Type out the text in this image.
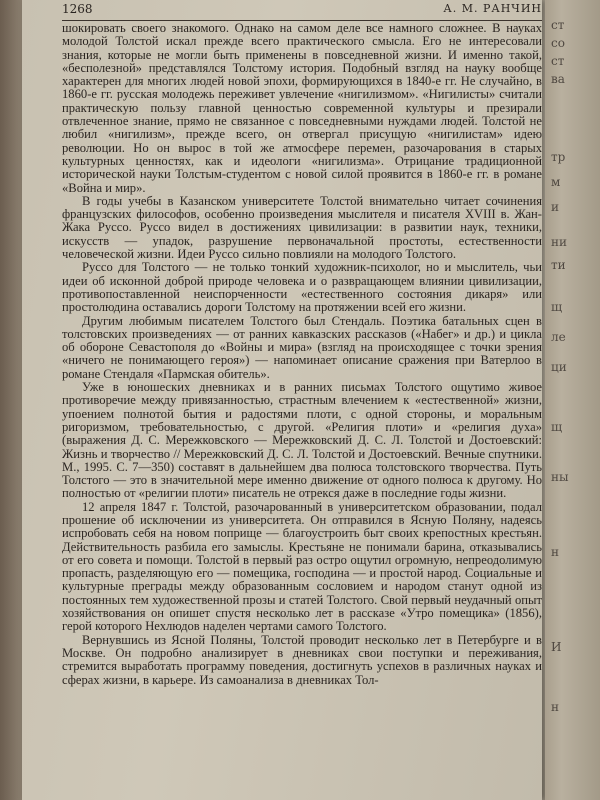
1268	А. М. РАНЧИН

шокировать своего знакомого. Однако на самом деле все намного сложнее. В науках молодой Толстой искал прежде всего практического смысла. Его не интересовали знания, которые не могли быть применены в повседневной жизни. И именно такой, «бесполезной» представлялся Толстому история. Подобный взгляд на науку вообще характерен для многих людей новой эпохи, формирующихся в 1840-е гг. Не случайно, в 1860-е гг. русская молодежь переживет увлечение «нигилизмом». «Нигилисты» считали практическую пользу главной ценностью современной культуры и презирали отвлеченное знание, прямо не связанное с повседневными нуждами людей. Толстой не любил «нигилизм», прежде всего, он отвергал присущую «нигилистам» идею революции. Но он вырос в той же атмосфере перемен, разочарования в старых культурных ценностях, как и идеологи «нигилизма». Отрицание традиционной исторической науки Толстым-студентом с новой силой проявится в 1860-е гг. в романе «Война и мир».

В годы учебы в Казанском университете Толстой внимательно читает сочинения французских философов, особенно произведения мыслителя и писателя XVIII в. Жан-Жака Руссо. Руссо видел в достижениях цивилизации: в развитии наук, техники, искусств — упадок, разрушение первоначальной простоты, естественности человеческой жизни. Идеи Руссо сильно повлияли на молодого Толстого.

Руссо для Толстого — не только тонкий художник-психолог, но и мыслитель, чьи идеи об исконной доброй природе человека и о развращающем влиянии цивилизации, противопоставленной неиспорченности «естественного состояния дикаря» или простолюдина оставались дороги Толстому на протяжении всей его жизни.

Другим любимым писателем Толстого был Стендаль. Поэтика батальных сцен в толстовских произведениях — от ранних кавказских рассказов («Набег» и др.) и цикла об обороне Севастополя до «Войны и мира» (взгляд на происходящее с точки зрения «ничего не понимающего героя») — напоминает описание сражения при Ватерлоо в романе Стендаля «Пармская обитель».

Уже в юношеских дневниках и в ранних письмах Толстого ощутимо живое противоречие между привязанностью, страстным влечением к «естественной» жизни, упоением полнотой бытия и радостями плоти, с одной стороны, и моральным ригоризмом, требовательностью, с другой. «Религия плоти» и «религия духа» (выражения Д. С. Мережковского — Мережковский Д. С. Л. Толстой и Достоевский: Жизнь и творчество // Мережковский Д. С. Л. Толстой и Достоевский. Вечные спутники. М., 1995. С. 7—350) составят в дальнейшем два полюса толстовского творчества. Путь Толстого — это в значительной мере именно движение от одного полюса к другому. Но полностью от «религии плоти» писатель не отрекся даже в последние годы жизни.

12 апреля 1847 г. Толстой, разочарованный в университетском образовании, подал прошение об исключении из университета. Он отправился в Ясную Поляну, надеясь испробовать себя на новом поприще — благоустроить быт своих крепостных крестьян. Действительность разбила его замыслы. Крестьяне не понимали барина, отказывались от его совета и помощи. Толстой в первый раз остро ощутил огромную, непреодолимую пропасть, разделяющую его — помещика, господина — и простой народ. Социальные и культурные преграды между образованным сословием и народом станут одной из постоянных тем художественной прозы и статей Толстого. Свой первый неудачный опыт хозяйствования он опишет спустя несколько лет в рассказе «Утро помещика» (1856), герой которого Нехлюдов наделен чертами самого Толстого.

Вернувшись из Ясной Поляны, Толстой проводит несколько лет в Петербурге и в Москве. Он подробно анализирует в дневниках свои поступки и переживания, стремится выработать программу поведения, достигнуть успехов в различных науках и сферах жизни, в карьере. Из самоанализа в дневниках Тол-

ст
со
ст
ва
тр
м
и
ни
ти
щ
ле
ци
щ
ны
н
И
н
